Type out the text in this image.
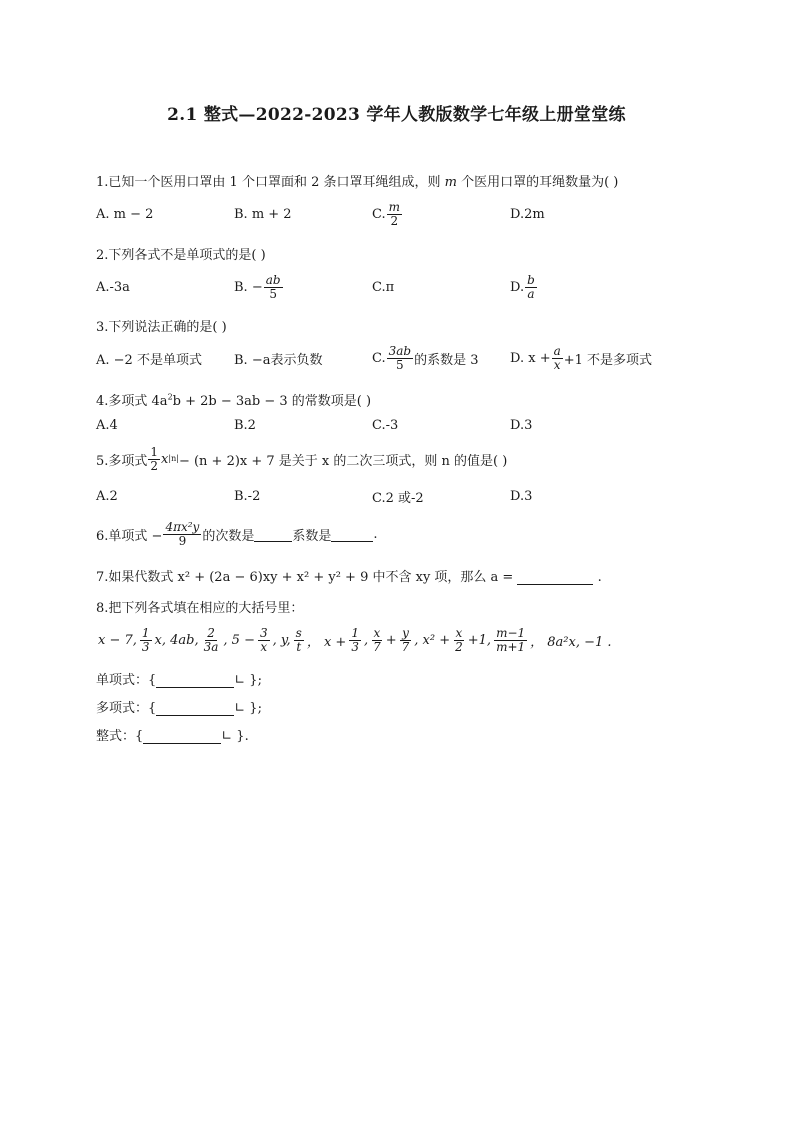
2.1 整式—2022-2023 学年人教版数学七年级上册堂堂练
1.已知一个医用口罩由 1 个口罩面和 2 条口罩耳绳组成，则 m 个医用口罩的耳绳数量为( )
A. m − 2	B. m + 2	C. $\frac{m}{2}$	D.2m
2.下列各式不是单项式的是( )
A.-3a	B. − $\frac{ab}{5}$	C.π	D. $\frac{b}{a}$
3.下列说法正确的是( )
A. −2 不是单项式 B. −a表示负数	C. $\frac{3ab}{5}$ 的系数是 3 D. $x + \frac{a}{x} +1$ 不是多项式
4.多项式 $4a^2b + 2b - 3ab - 3$ 的常数项是( )
A.4	B.2	C.-3	D.3
5.多项式 $\frac{1}{2}$ x |n| − (n + 2)x + 7 是关于 x 的二次三项式，则 n 的值是( )
A.2	B.-2	C.2 或-2	D.3
6.单项式 − $\frac{\text{4πx²y}}{9}$ 的次数是	系数是	.
7.如果代数式 x² + (2a − 6)xy + x² + y² + 9 中不含 xy 项，那么 a =	.
8.把下列各式填在相应的大括号里：
x − 7, $\frac{1}{3} x$, 4ab, $\frac{2}{3a}$ , $5 - \frac{3}{x}$ , y, $\frac{s}{t}$ ， $x + \frac{1}{3}$ , $\frac{x}{7} + \frac{y}{7}$ , $x^2 + \frac{x}{2} +1$, $\frac{m-1}{m+1}$ ， 8a²x, −1 .
单项式：{	∟ };
多项式：{	∟ };
整式：{	∟ }.
